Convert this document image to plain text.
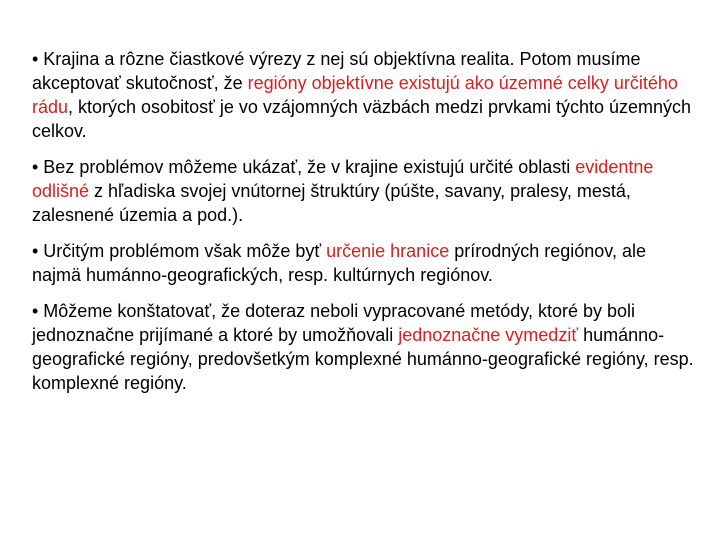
• Krajina a rôzne čiastkové výrezy z nej sú objektívna realita. Potom musíme akceptovať skutočnosť, že regióny objektívne existujú ako územné celky určitého rádu, ktorých osobitosť je vo vzájomných väzbách medzi prvkami týchto územných celkov.

• Bez problémov môžeme ukázať, že v krajine existujú určité oblasti evidentne odlišné z hľadiska svojej vnútornej štruktúry (púšte, savany, pralesy, mestá, zalesnené územia a pod.).

• Určitým problémom však môže byť určenie hranice prírodných regiónov, ale najmä humánno-geografických, resp. kultúrnych regiónov.

• Môžeme konštatovať, že doteraz neboli vypracované metódy, ktoré by boli jednoznačne prijímané a ktoré by umožňovali jednoznačne vymedziť humánno-geografické regióny, predovšetkým komplexné humánno-geografické regióny, resp. komplexné regióny.
